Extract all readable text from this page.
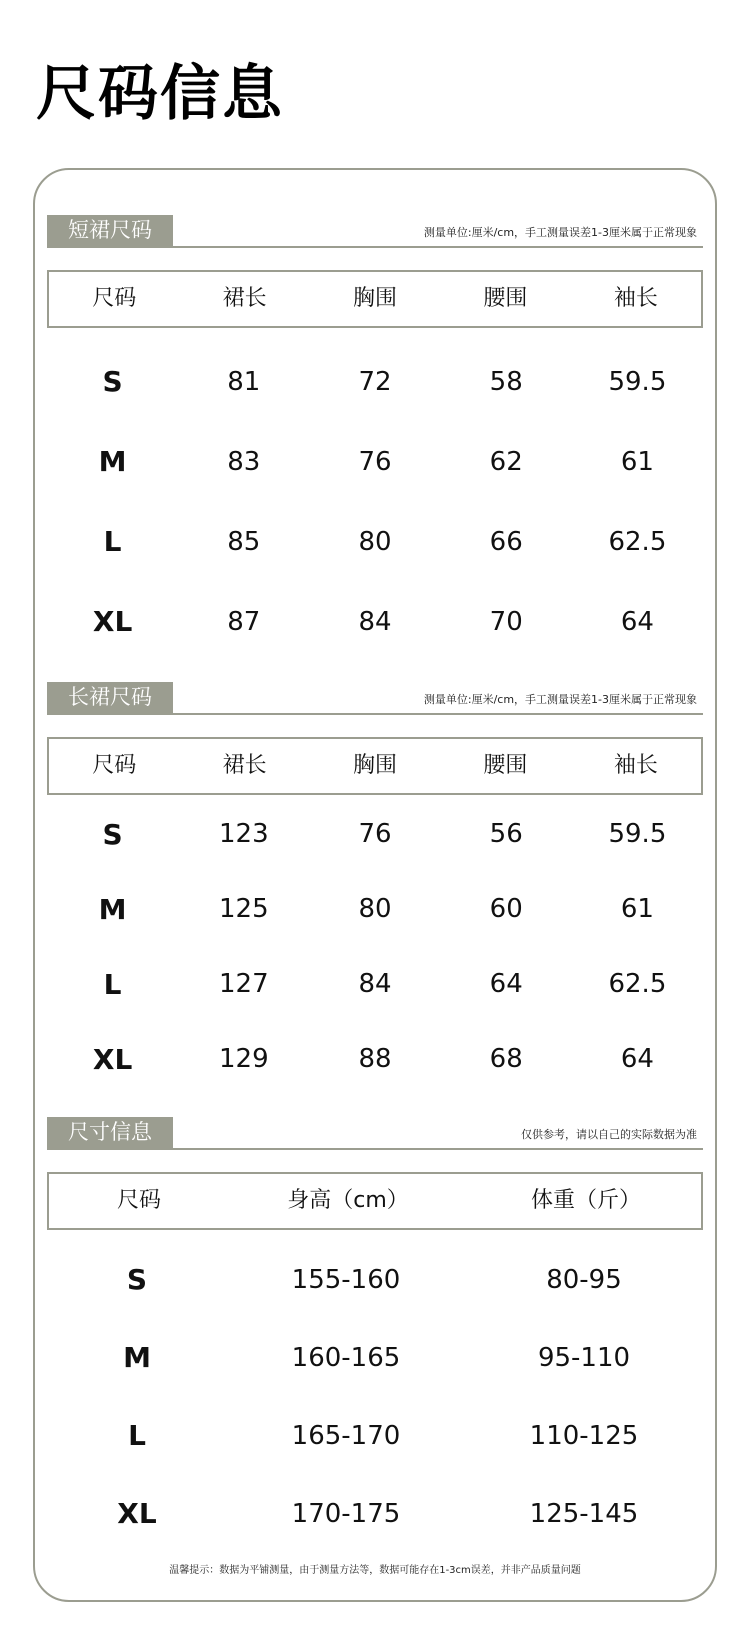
尺码信息
短裙尺码	测量单位:厘米/cm，手工测量误差1-3厘米属于正常现象
尺码	裙长	胸围	腰围	袖长
S	81	72	58	59.5
M	83	76	62	61
L	85	80	66	62.5
XL	87	84	70	64
长裙尺码	测量单位:厘米/cm，手工测量误差1-3厘米属于正常现象
尺码	裙长	胸围	腰围	袖长
S	123	76	56	59.5
M	125	80	60	61
L	127	84	64	62.5
XL	129	88	68	64
尺寸信息	仅供参考，请以自己的实际数据为准
尺码	身高（cm）	体重（斤）
S	155-160	80-95
M	160-165	95-110
L	165-170	110-125
XL	170-175	125-145
温馨提示：数据为平铺测量，由于测量方法等，数据可能存在1-3cm误差，并非产品质量问题
